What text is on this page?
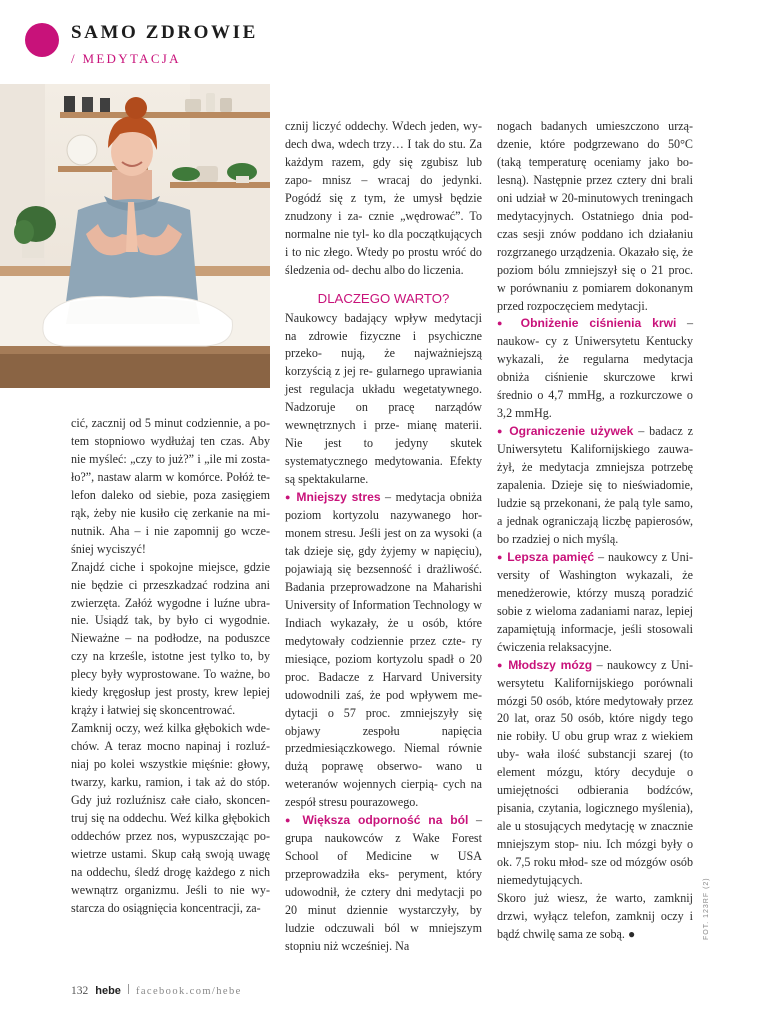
SAMO ZDROWIE
/ MEDYTACJA

cić, zacznij od 5 minut codziennie, a po- tem stopniowo wydłużaj ten czas. Aby nie myśleć: „czy to już?” i „ile mi zosta- ło?”, nastaw alarm w komórce. Połóż te- lefon daleko od siebie, poza zasięgiem rąk, żeby nie kusiło cię zerkanie na mi- nutnik. Aha – i nie zapomnij go wcze- śniej wyciszyć!
Znajdź ciche i spokojne miejsce, gdzie nie będzie ci przeszkadzać rodzina ani zwierzęta. Załóż wygodne i luźne ubra- nie. Usiądź tak, by było ci wygodnie. Nieważne – na podłodze, na poduszce czy na krześle, istotne jest tylko to, by plecy były wyprostowane. To ważne, bo kiedy kręgosłup jest prosty, krew lepiej krąży i łatwiej się skoncentrować.
Zamknij oczy, weź kilka głębokich wde- chów. A teraz mocno napinaj i rozluź- niaj po kolei wszystkie mięśnie: głowy, twarzy, karku, ramion, i tak aż do stóp. Gdy już rozluźnisz całe ciało, skoncen- truj się na oddechu. Weź kilka głębokich oddechów przez nos, wypuszczając po- wietrze ustami. Skup całą swoją uwagę na oddechu, śledź drogę każdego z nich wewnątrz organizmu. Jeśli to nie wy- starcza do osiągnięcia koncentracji, za-

cznij liczyć oddechy. Wdech jeden, wy- dech dwa, wdech trzy… I tak do stu. Za każdym razem, gdy się zgubisz lub zapo- mnisz – wracaj do jedynki. Pogódź się z tym, że umysł będzie znudzony i za- cznie „wędrować”. To normalne nie tyl- ko dla początkujących i to nic złego. Wtedy po prostu wróć do śledzenia od- dechu albo do liczenia.

DLACZEGO WARTO?

Naukowcy badający wpływ medytacji na zdrowie fizyczne i psychiczne przeko- nują, że najważniejszą korzyścią z jej re- gularnego uprawiania jest regulacja układu wegetatywnego. Nadzoruje on pracę narządów wewnętrznych i prze- mianę materii. Nie jest to jedyny skutek systematycznego medytowania. Efekty są spektakularne.

● Mniejszy stres – medytacja obniża poziom kortyzolu nazywanego hor- monem stresu. Jeśli jest on za wysoki (a tak dzieje się, gdy żyjemy w napięciu), pojawiają się bezsenność i drażliwość. Badania przeprowadzone na Maharishi University of Information Technology w Indiach wykazały, że u osób, które medytowały codziennie przez czte- ry miesiące, poziom kortyzolu spadł o 20 proc. Badacze z Harvard University udowodnili zaś, że pod wpływem me- dytacji o 57 proc. zmniejszyły się objawy	zespołu napięcia przedmiesiączkowego. Niemal równie dużą poprawę obserwo- wano u weteranów wojennych cierpią- cych na zespół stresu pourazowego.

● Większa odporność na ból – grupa naukowców z Wake Forest School of Medicine w USA przeprowadziła eks- peryment, który udowodnił, że cztery dni medytacji po 20 minut dziennie wystarczyły, by ludzie odczuwali ból w mniejszym stopniu niż wcześniej. Na

nogach badanych umieszczono urzą- dzenie, które podgrzewano do 50°C (taką temperaturę oceniamy jako bo- lesną). Następnie przez cztery dni brali oni udział w 20-minutowych treningach medytacyjnych. Ostatniego dnia pod- czas sesji znów poddano ich działaniu rozgrzanego urządzenia. Okazało się, że poziom bólu zmniejszył się o 21 proc. w porównaniu z pomiarem dokonanym przed rozpoczęciem medytacji.

● Obniżenie ciśnienia krwi – naukow- cy z Uniwersytetu Kentucky wykazali, że regularna medytacja obniża ciśnienie skurczowe krwi średnio o 4,7 mmHg, a rozkurczowe o 3,2 mmHg.

● Ograniczenie używek – badacz z Uniwersytetu Kalifornijskiego zauwa- żył, że medytacja zmniejsza potrzebę zapalenia. Dzieje się to nieświadomie, ludzie są przekonani, że palą tyle samo, a jednak ograniczają liczbę papierosów, bo rzadziej o nich myślą.

● Lepsza pamięć – naukowcy z Uni- versity of Washington wykazali, że menedżerowie, którzy muszą poradzić sobie z wieloma zadaniami naraz, lepiej zapamiętują informacje, jeśli stosowali ćwiczenia relaksacyjne.

● Młodszy mózg – naukowcy z Uni- wersytetu Kalifornijskiego porównali mózgi 50 osób, które medytowały przez 20 lat, oraz 50 osób, które nigdy tego nie robiły. U obu grup wraz z wiekiem uby- wała ilość substancji szarej (to element mózgu, który decyduje o umiejętności odbierania bodźców, pisania, czytania, logicznego myślenia), ale u stosujących medytację w znacznie mniejszym stop- niu. Ich mózgi były o ok. 7,5 roku młod- sze od mózgów osób niemedytujących.

Skoro już wiesz, że warto, zamknij drzwi, wyłącz telefon, zamknij oczy i bądź chwilę sama ze sobą. ●	FOT. 123RF (2)
132 hebe facebook.com/hebe
